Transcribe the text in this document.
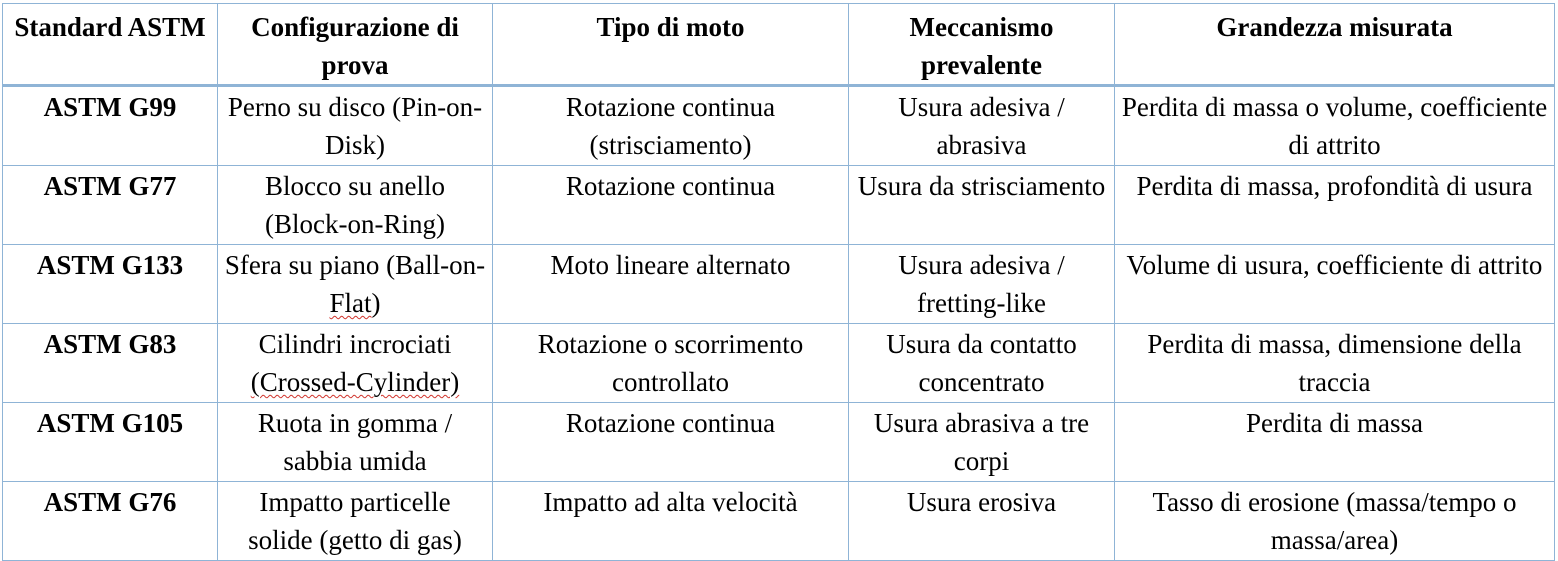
Standard ASTM	Configurazione di prova	Tipo di moto	Meccanismo prevalente	Grandezza misurata
ASTM G99	Perno su disco (Pin-on-Disk)	Rotazione continua (strisciamento)	Usura adesiva / abrasiva	Perdita di massa o volume, coefficiente di attrito
ASTM G77	Blocco su anello (Block-on-Ring)	Rotazione continua	Usura da strisciamento	Perdita di massa, profondità di usura
ASTM G133	Sfera su piano (Ball-on-Flat)	Moto lineare alternato	Usura adesiva / fretting-like	Volume di usura, coefficiente di attrito
ASTM G83	Cilindri incrociati (Crossed-Cylinder)	Rotazione o scorrimento controllato	Usura da contatto concentrato	Perdita di massa, dimensione della traccia
ASTM G105	Ruota in gomma / sabbia umida	Rotazione continua	Usura abrasiva a tre corpi	Perdita di massa
ASTM G76	Impatto particelle solide (getto di gas)	Impatto ad alta velocità	Usura erosiva	Tasso di erosione (massa/tempo o massa/area)
